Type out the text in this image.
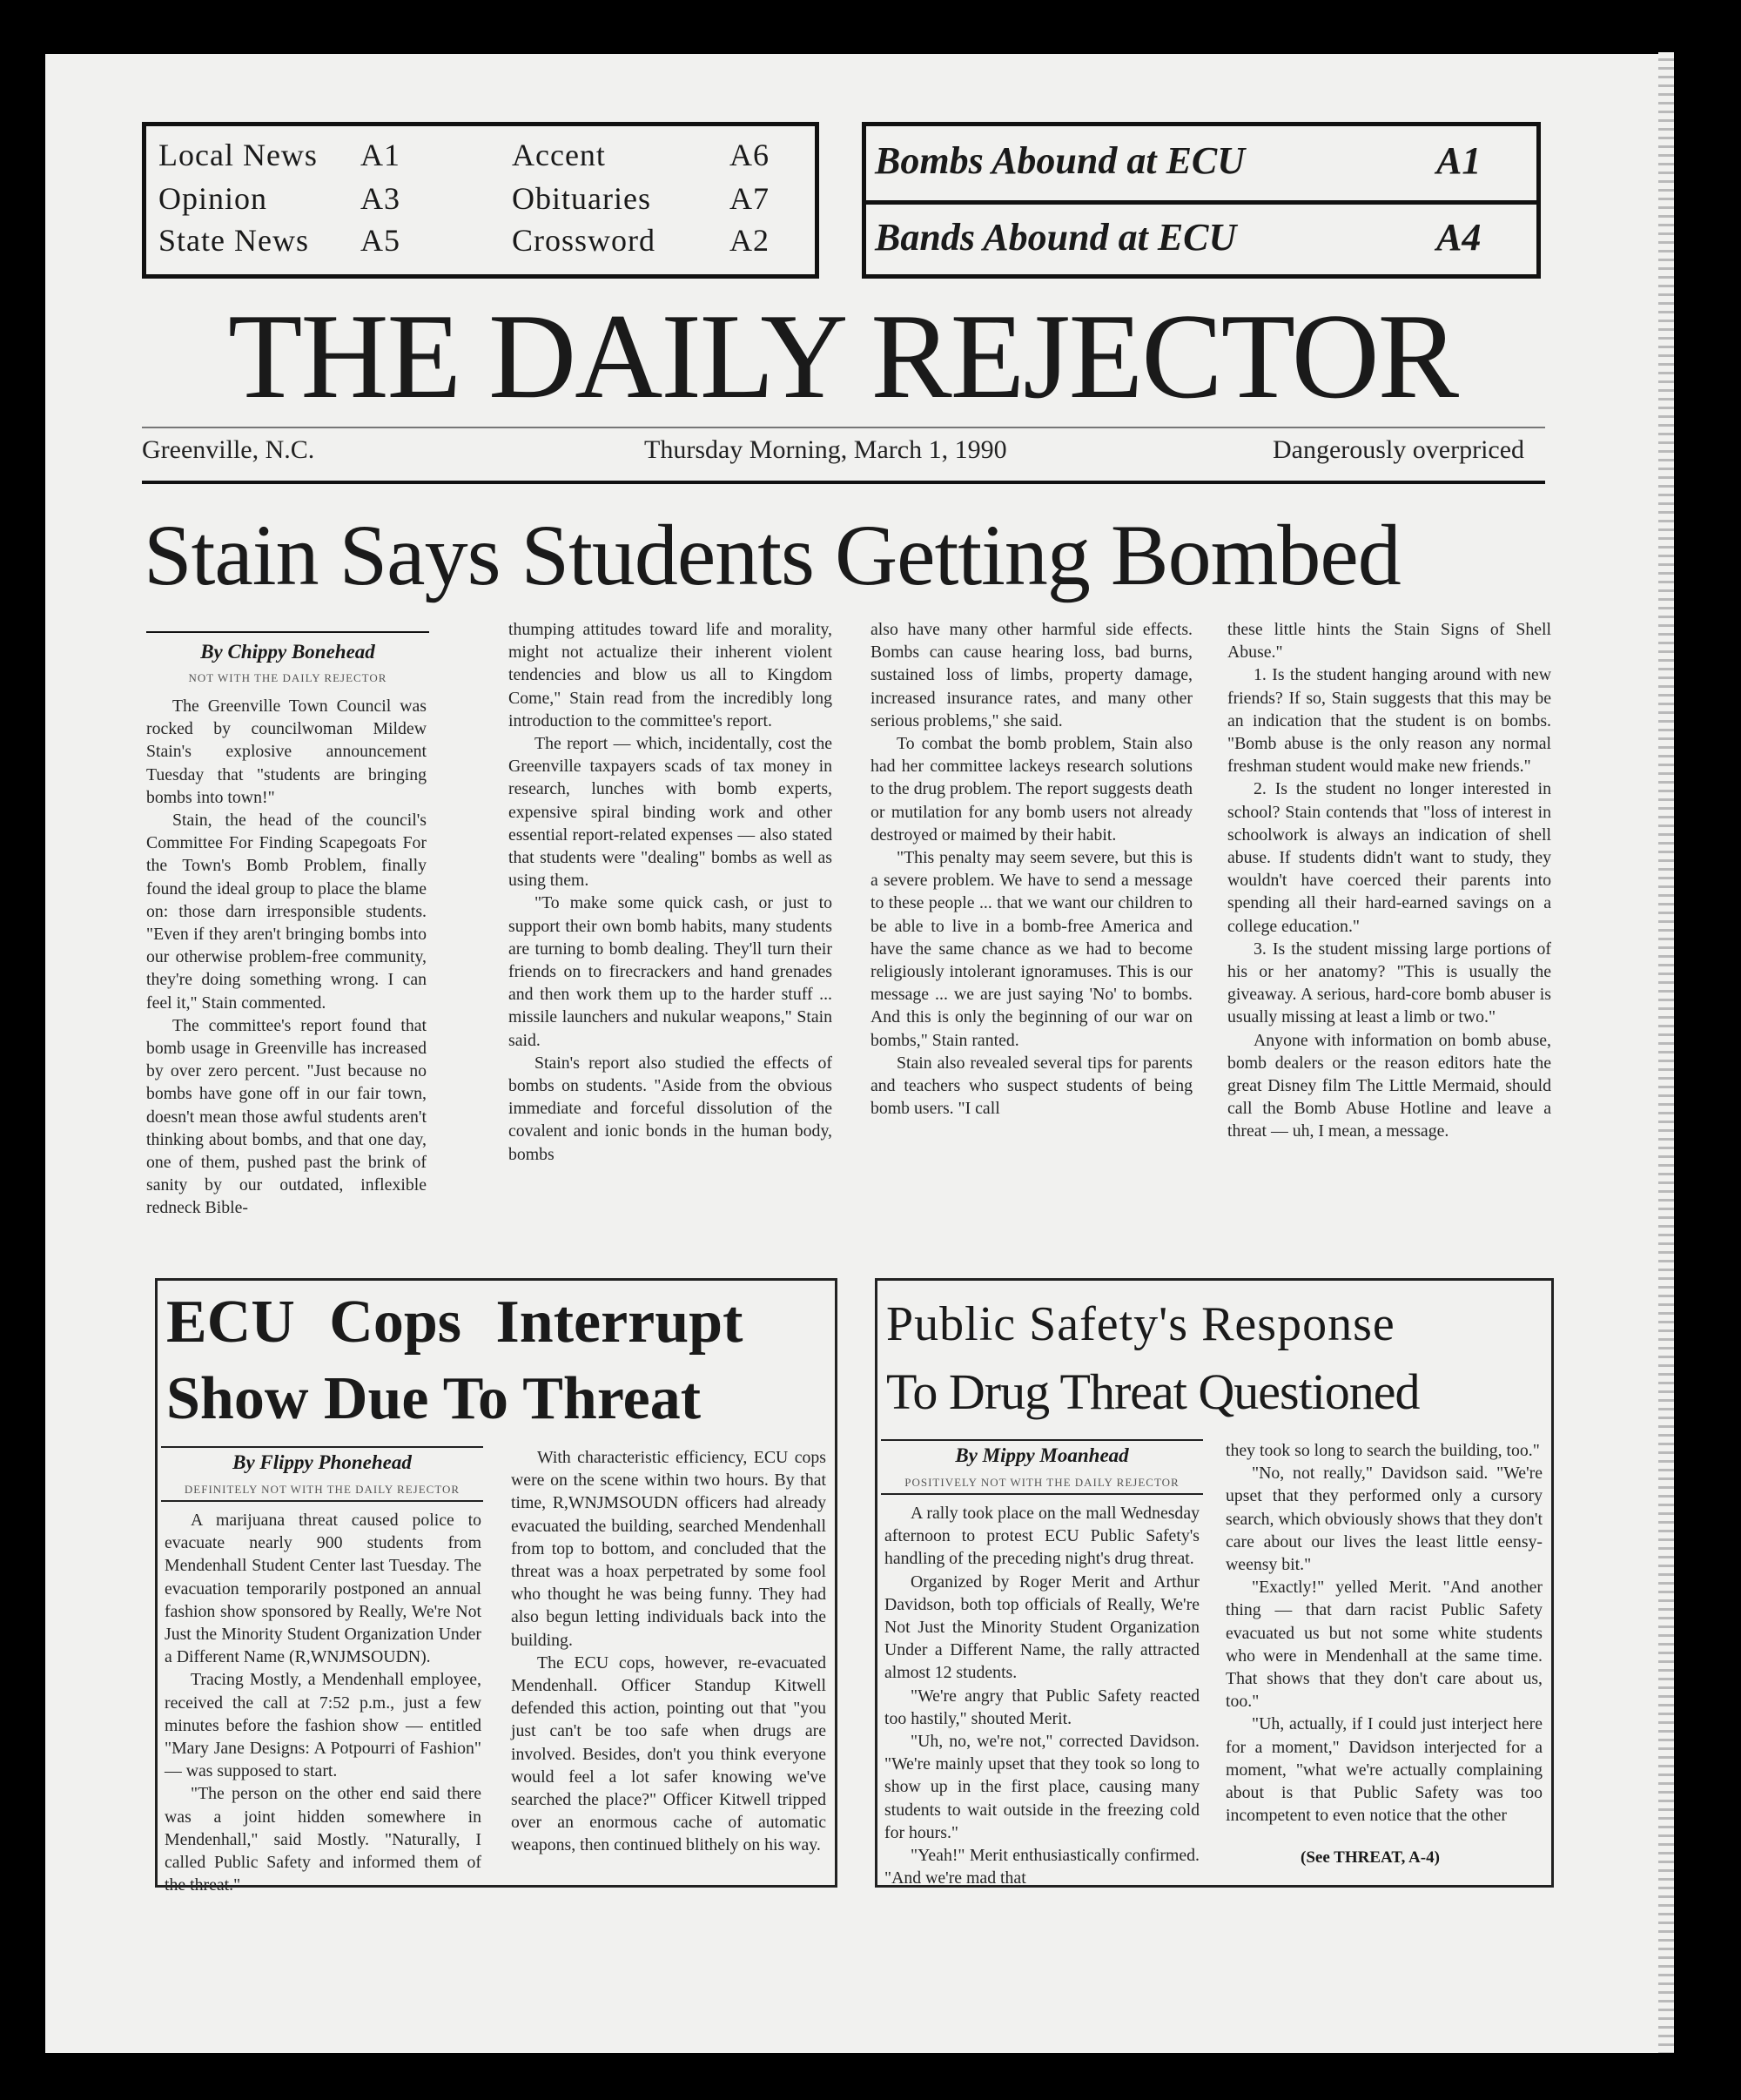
Local News A1	Accent	A6
Opinion	A3	Obituaries	A7
State News A5	Crossword A2
Bombs Abound at ECU	A1
Bands Abound at ECU	A4
THE DAILY REJECTOR
Greenville, N.C.	Thursday Morning, March 1, 1990	Dangerously overpriced
Stain Says Students Getting Bombed
By Chippy Bonehead
NOT WITH THE DAILY REJECTOR

The Greenville Town Council was rocked by councilwoman Mildew Stain's explosive announcement Tuesday that "students are bringing bombs into town!"

Stain, the head of the council's Committee For Finding Scapegoats For the Town's Bomb Problem, finally found the ideal group to place the blame on: those darn irresponsible students. "Even if they aren't bringing bombs into our otherwise problem-free community, they're doing something wrong. I can feel it," Stain commented.

The committee's report found that bomb usage in Greenville has increased by over zero percent. "Just because no bombs have gone off in our fair town, doesn't mean those awful students aren't thinking about bombs, and that one day, one of them, pushed past the brink of sanity by our outdated, inflexible redneck Bible-

thumping attitudes toward life and morality, might not actualize their inherent violent tendencies and blow us all to Kingdom Come," Stain read from the incredibly long introduction to the committee's report.

The report — which, incidentally, cost the Greenville taxpayers scads of tax money in research, lunches with bomb experts, expensive spiral binding work and other essential report-related expenses — also stated that students were "dealing" bombs as well as using them.

"To make some quick cash, or just to support their own bomb habits, many students are turning to bomb dealing. They'll turn their friends on to firecrackers and hand grenades and then work them up to the harder stuff ... missile launchers and nukular weapons," Stain said.

Stain's report also studied the effects of bombs on students. "Aside from the obvious immediate and forceful dissolution of the covalent and ionic bonds in the human body, bombs

also have many other harmful side effects. Bombs can cause hearing loss, bad burns, sustained loss of limbs, property damage, increased insurance rates, and many other serious problems," she said.

To combat the bomb problem, Stain also had her committee lackeys research solutions to the drug problem. The report suggests death or mutilation for any bomb users not already destroyed or maimed by their habit.

"This penalty may seem severe, but this is a severe problem. We have to send a message to these people ... that we want our children to be able to live in a bomb-free America and have the same chance as we had to become religiously intolerant ignoramuses. This is our message ... we are just saying 'No' to bombs. And this is only the beginning of our war on bombs," Stain ranted.

Stain also revealed several tips for parents and teachers who suspect students of being bomb users. "I call

these little hints the Stain Signs of Shell Abuse."

1. Is the student hanging around with new friends? If so, Stain suggests that this may be an indication that the student is on bombs. "Bomb abuse is the only reason any normal freshman student would make new friends."

2. Is the student no longer interested in school? Stain contends that "loss of interest in schoolwork is always an indication of shell abuse. If students didn't want to study, they wouldn't have coerced their parents into spending all their hard-earned savings on a college education."

3. Is the student missing large portions of his or her anatomy? "This is usually the giveaway. A serious, hard-core bomb abuser is usually missing at least a limb or two."

Anyone with information on bomb abuse, bomb dealers or the reason editors hate the great Disney film The Little Mermaid, should call the Bomb Abuse Hotline and leave a threat — uh, I mean, a message.

ECU Cops Interrupt
Show Due To Threat
By Flippy Phonehead
DEFINITELY NOT WITH THE DAILY REJECTOR

A marijuana threat caused police to evacuate nearly 900 students from Mendenhall Student Center last Tuesday. The evacuation temporarily postponed an annual fashion show sponsored by Really, We're Not Just the Minority Student Organization Under a Different Name (R,WNJMSOUDN).

Tracing Mostly, a Mendenhall employee, received the call at 7:52 p.m., just a few minutes before the fashion show — entitled "Mary Jane Designs: A Potpourri of Fashion" — was supposed to start.

"The person on the other end said there was a joint hidden somewhere in Mendenhall," said Mostly. "Naturally, I called Public Safety and informed them of the threat."

With characteristic efficiency, ECU cops were on the scene within two hours. By that time, R,WNJMSOUDN officers had already evacuated the building, searched Mendenhall from top to bottom, and concluded that the threat was a hoax perpetrated by some fool who thought he was being funny. They had also begun letting individuals back into the building.

The ECU cops, however, re-evacuated Mendenhall. Officer Standup Kitwell defended this action, pointing out that "you just can't be too safe when drugs are involved. Besides, don't you think everyone would feel a lot safer knowing we've searched the place?" Officer Kitwell tripped over an enormous cache of automatic weapons, then continued blithely on his way.

Public Safety's Response
To Drug Threat Questioned
By Mippy Moanhead
POSITIVELY NOT WITH THE DAILY REJECTOR

A rally took place on the mall Wednesday afternoon to protest ECU Public Safety's handling of the preceding night's drug threat.

Organized by Roger Merit and Arthur Davidson, both top officials of Really, We're Not Just the Minority Student Organization Under a Different Name, the rally attracted almost 12 students.

"We're angry that Public Safety reacted too hastily," shouted Merit.

"Uh, no, we're not," corrected Davidson. "We're mainly upset that they took so long to show up in the first place, causing many students to wait outside in the freezing cold for hours."

"Yeah!" Merit enthusiastically confirmed. "And we're mad that

they took so long to search the building, too."

"No, not really," Davidson said. "We're upset that they performed only a cursory search, which obviously shows that they don't care about our lives the least little eensy-weensy bit."

"Exactly!" yelled Merit. "And another thing — that darn racist Public Safety evacuated us but not some white students who were in Mendenhall at the same time. That shows that they don't care about us, too."

"Uh, actually, if I could just interject here for a moment," Davidson interjected for a moment, "what we're actually complaining about is that Public Safety was too incompetent to even notice that the other

(See THREAT, A-4)
